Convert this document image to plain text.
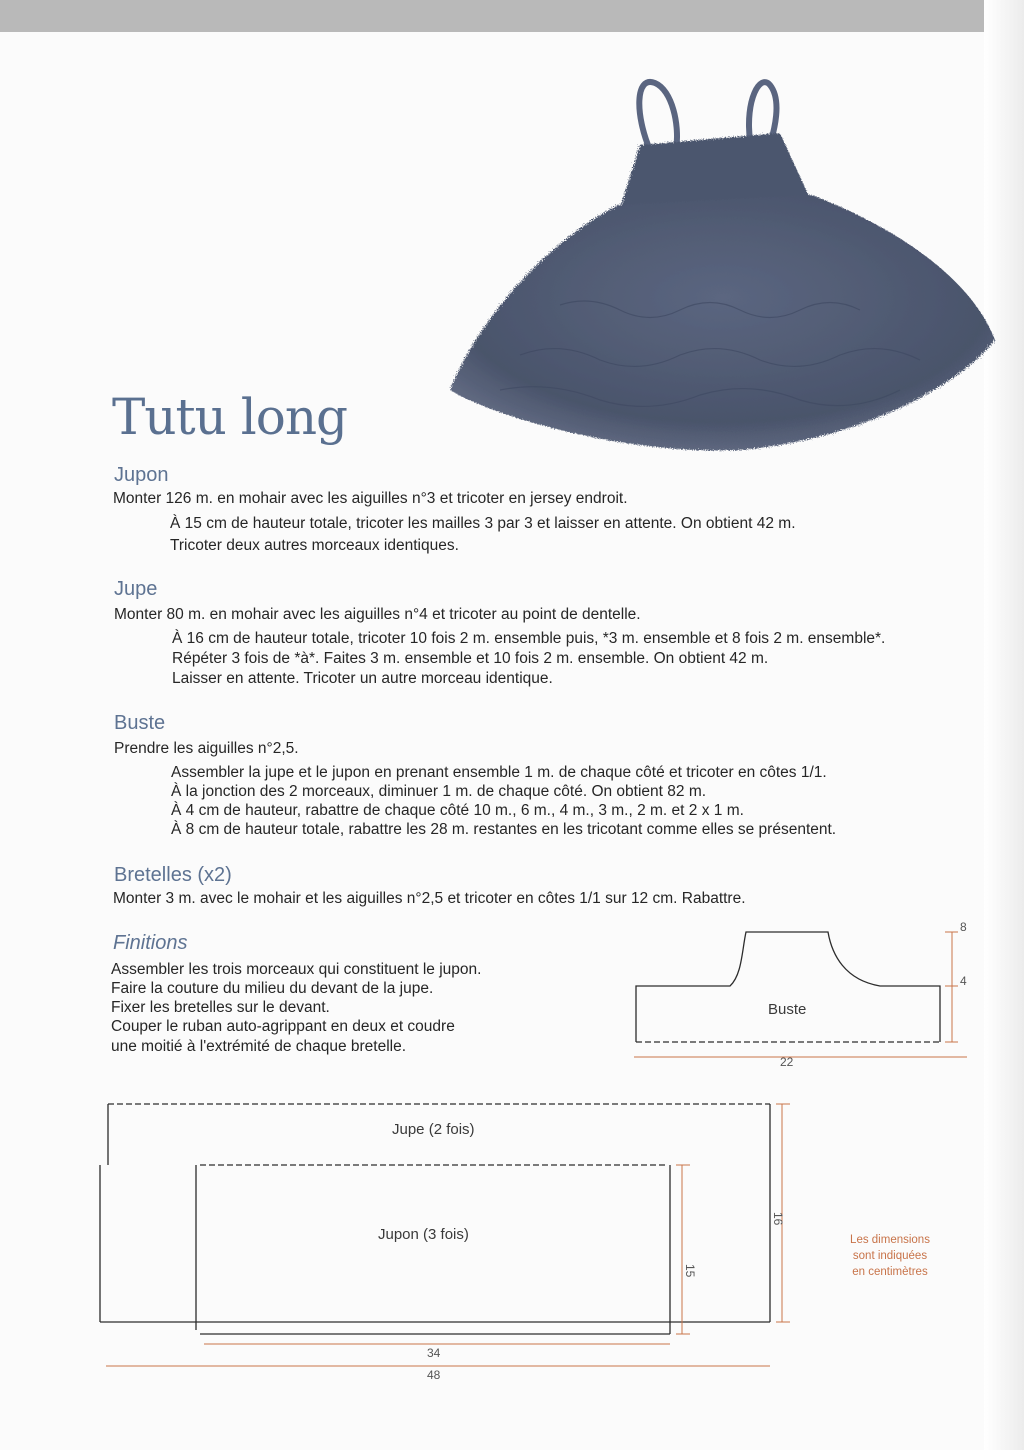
Tutu long
Jupon

Monter 126 m. en mohair avec les aiguilles n°3 et tricoter en jersey endroit.

À 15 cm de hauteur totale, tricoter les mailles 3 par 3 et laisser en attente. On obtient 42 m.

Tricoter deux autres morceaux identiques.

Jupe

Monter 80 m. en mohair avec les aiguilles n°4 et tricoter au point de dentelle.

À 16 cm de hauteur totale, tricoter 10 fois 2 m. ensemble puis, *3 m. ensemble et 8 fois 2 m. ensemble*.

Répéter 3 fois de *à*. Faites 3 m. ensemble et 10 fois 2 m. ensemble. On obtient 42 m.

Laisser en attente. Tricoter un autre morceau identique.

Buste

Prendre les aiguilles n°2,5.

Assembler la jupe et le jupon en prenant ensemble 1 m. de chaque côté et tricoter en côtes 1/1.

À la jonction des 2 morceaux, diminuer 1 m. de chaque côté. On obtient 82 m.

À 4 cm de hauteur, rabattre de chaque côté 10 m., 6 m., 4 m., 3 m., 2 m. et 2 x 1 m.

À 8 cm de hauteur totale, rabattre les 28 m. restantes en les tricotant comme elles se présentent.

Bretelles (x2)

Monter 3 m. avec le mohair et les aiguilles n°2,5 et tricoter en côtes 1/1 sur 12 cm. Rabattre.

Finitions

Assembler les trois morceaux qui constituent le jupon.

Faire la couture du milieu du devant de la jupe.

Fixer les bretelles sur le devant.

Couper le ruban auto-agrippant en deux et coudre

une moitié à l'extrémité de chaque bretelle.

Buste
22
8
4
Jupe (2 fois)
Jupon (3 fois)
34
48
15
16
Les dimensions
sont indiquées
en centimètres
